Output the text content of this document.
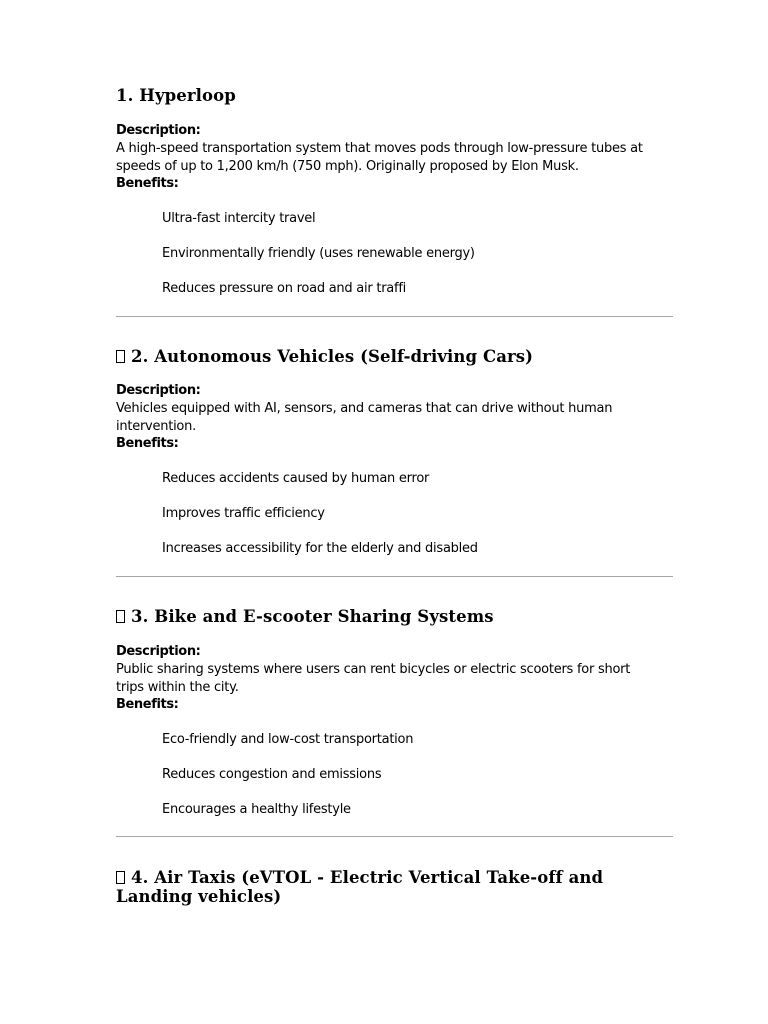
1. Hyperloop

Description:

A high-speed transportation system that moves pods through low-pressure tubes at speeds of up to 1,200 km/h (750 mph). Originally proposed by Elon Musk.

Benefits:

Ultra-fast intercity travel
Environmentally friendly (uses renewable energy)
Reduces pressure on road and air traffi
2. Autonomous Vehicles (Self-driving Cars)

Description:

Vehicles equipped with AI, sensors, and cameras that can drive without human intervention.

Benefits:

Reduces accidents caused by human error
Improves traffic efficiency
Increases accessibility for the elderly and disabled
3. Bike and E-scooter Sharing Systems

Description:

Public sharing systems where users can rent bicycles or electric scooters for short trips within the city.

Benefits:

Eco-friendly and low-cost transportation
Reduces congestion and emissions
Encourages a healthy lifestyle
4. Air Taxis (eVTOL - Electric Vertical Take-off and Landing vehicles)
